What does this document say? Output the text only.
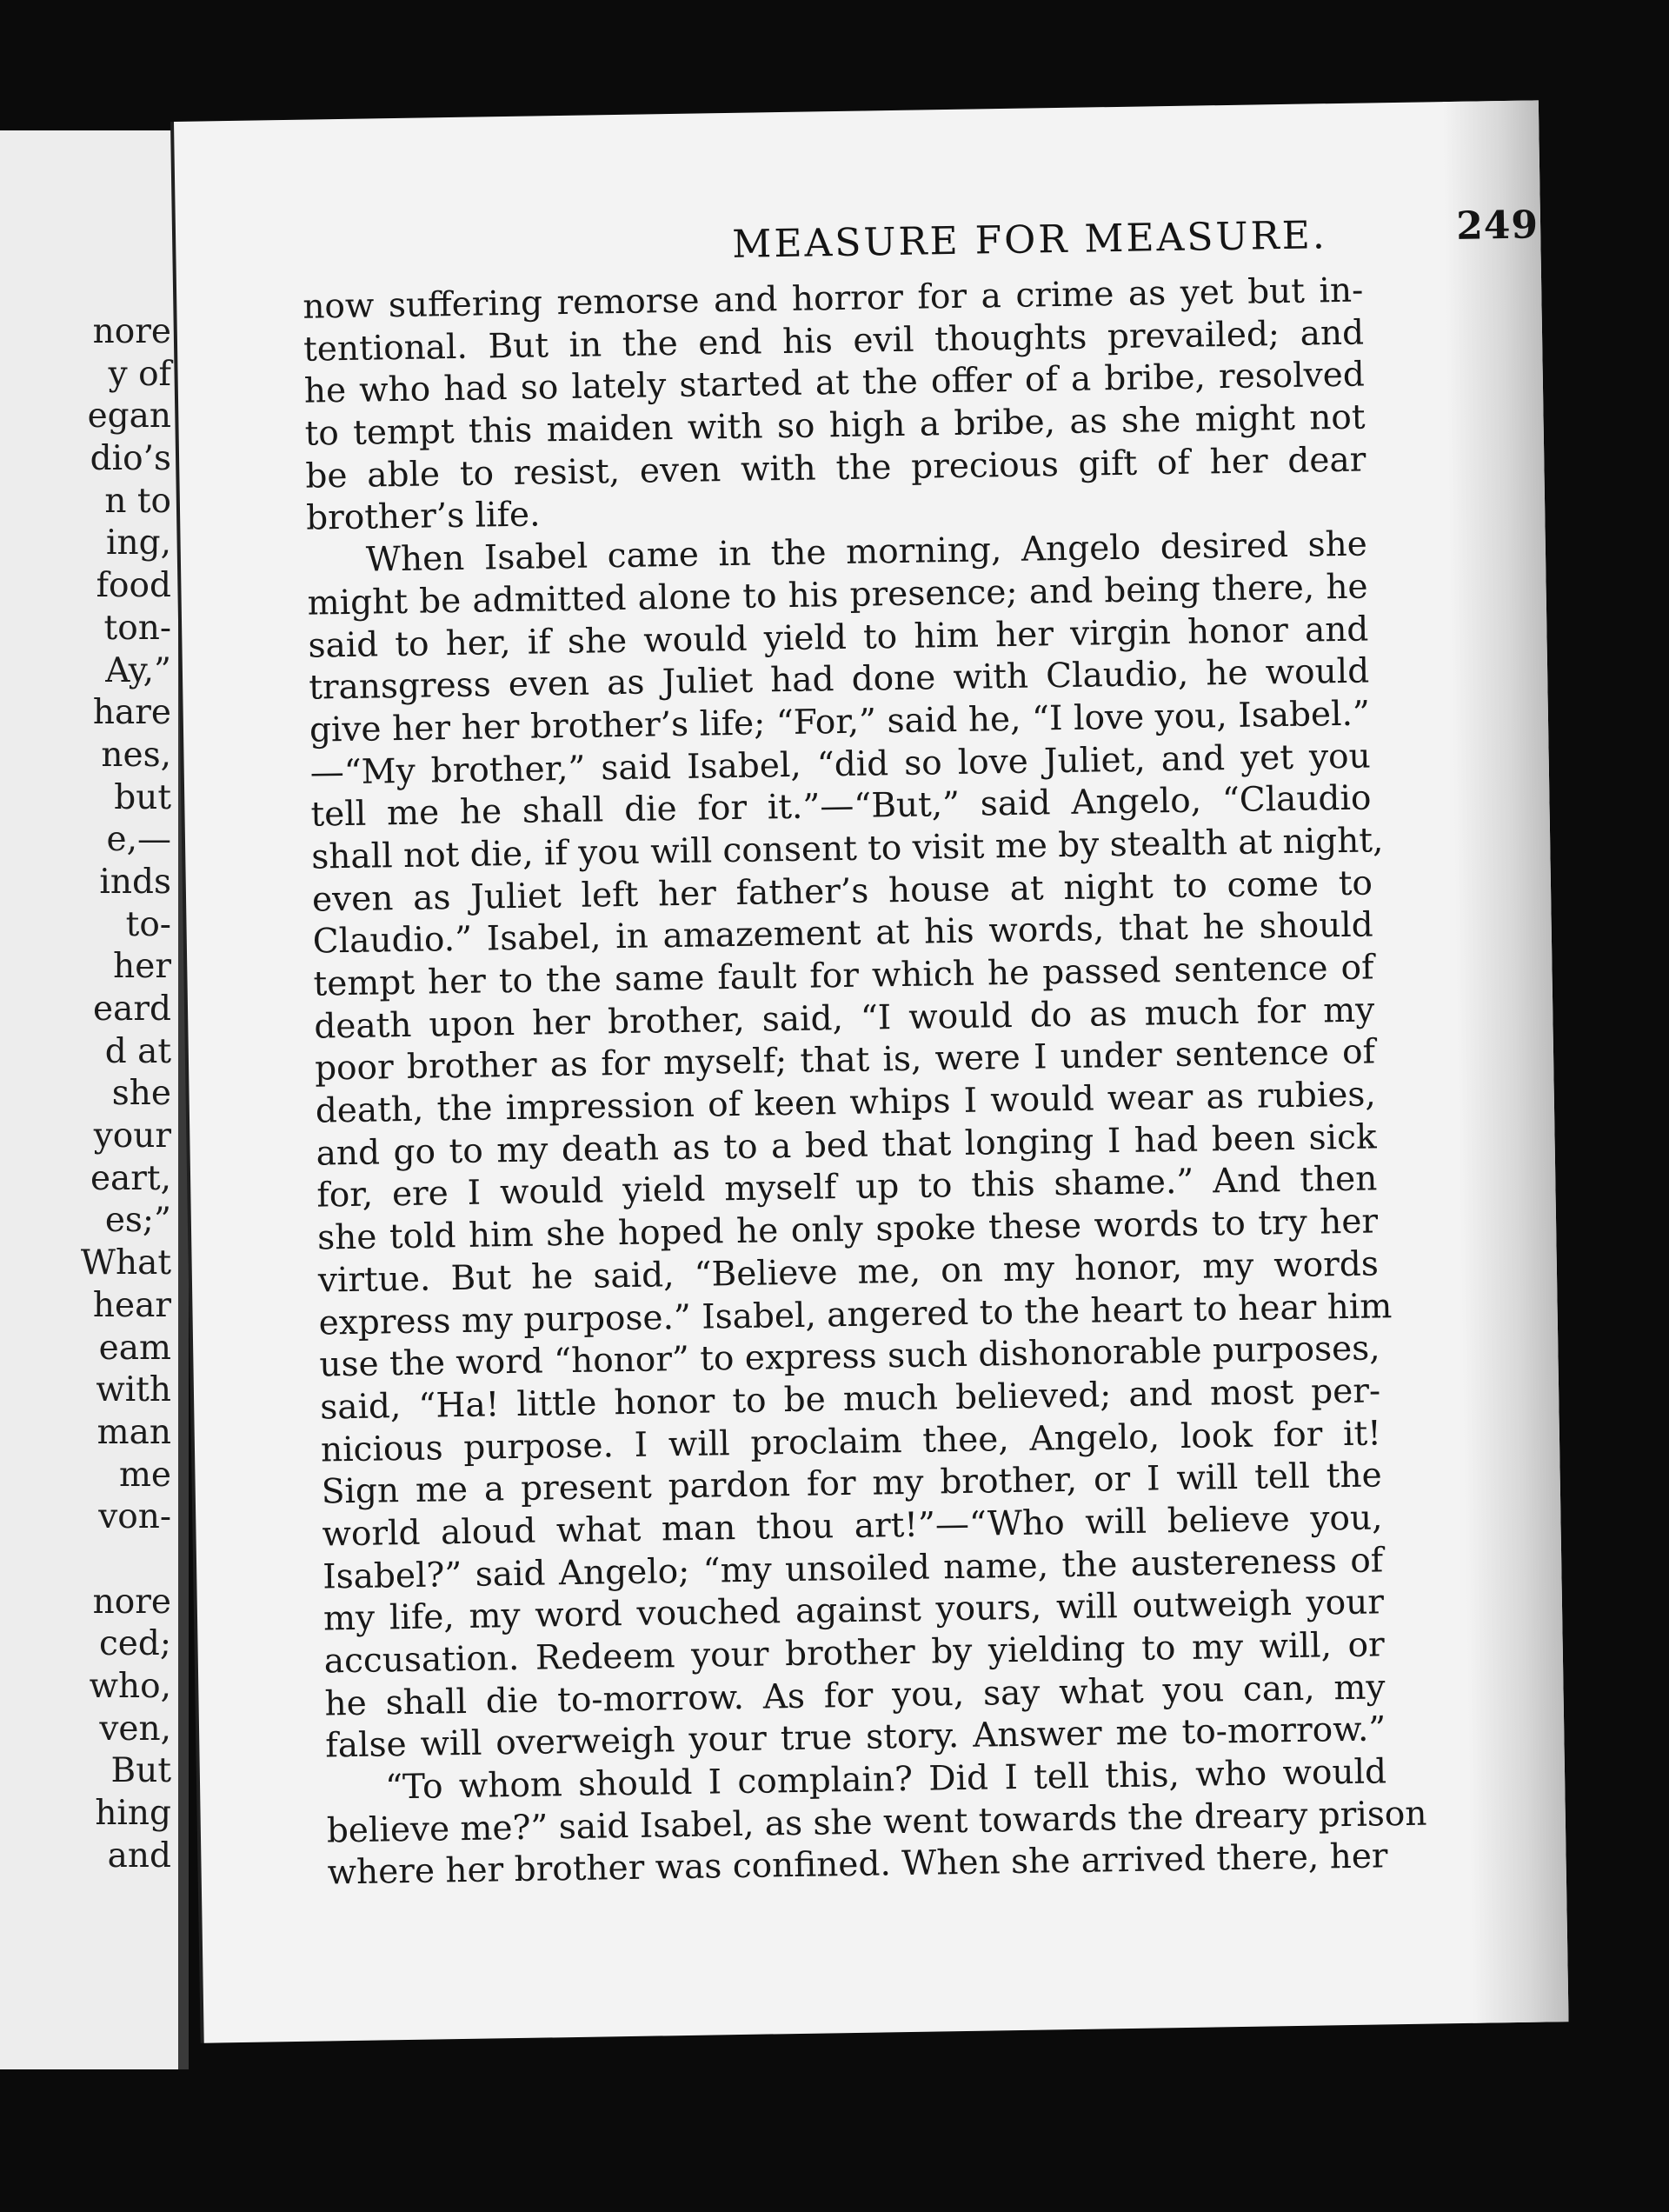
nore
y of
egan
dio’s
n to
ing,
food
ton-
Ay,”
hare
nes,
but
e,—
inds
to-
her
eard
d at
she
your
eart,
es;”
What
hear
eam
with
man
me
von-
nore
ced;
who,
ven,
But
hing
and
MEASURE FOR MEASURE.	249
now suffering remorse and horror for a crime as yet but in-
tentional. But in the end his evil thoughts prevailed; and
he who had so lately started at the offer of a bribe, resolved
to tempt this maiden with so high a bribe, as she might not
be able to resist, even with the precious gift of her dear
brother’s life.
When Isabel came in the morning, Angelo desired she
might be admitted alone to his presence; and being there, he
said to her, if she would yield to him her virgin honor and
transgress even as Juliet had done with Claudio, he would
give her her brother’s life; “For,” said he, “I love you, Isabel.”
—“My brother,” said Isabel, “did so love Juliet, and yet you
tell me he shall die for it.”—“But,” said Angelo, “Claudio
shall not die, if you will consent to visit me by stealth at night,
even as Juliet left her father’s house at night to come to
Claudio.” Isabel, in amazement at his words, that he should
tempt her to the same fault for which he passed sentence of
death upon her brother, said, “I would do as much for my
poor brother as for myself; that is, were I under sentence of
death, the impression of keen whips I would wear as rubies,
and go to my death as to a bed that longing I had been sick
for, ere I would yield myself up to this shame.” And then
she told him she hoped he only spoke these words to try her
virtue. But he said, “Believe me, on my honor, my words
express my purpose.” Isabel, angered to the heart to hear him
use the word “honor” to express such dishonorable purposes,
said, “Ha! little honor to be much believed; and most per-
nicious purpose. I will proclaim thee, Angelo, look for it!
Sign me a present pardon for my brother, or I will tell the
world aloud what man thou art!”—“Who will believe you,
Isabel?” said Angelo; “my unsoiled name, the austereness of
my life, my word vouched against yours, will outweigh your
accusation. Redeem your brother by yielding to my will, or
he shall die to-morrow. As for you, say what you can, my
false will overweigh your true story. Answer me to-morrow.”
“To whom should I complain? Did I tell this, who would
believe me?” said Isabel, as she went towards the dreary prison
where her brother was confined. When she arrived there, her
